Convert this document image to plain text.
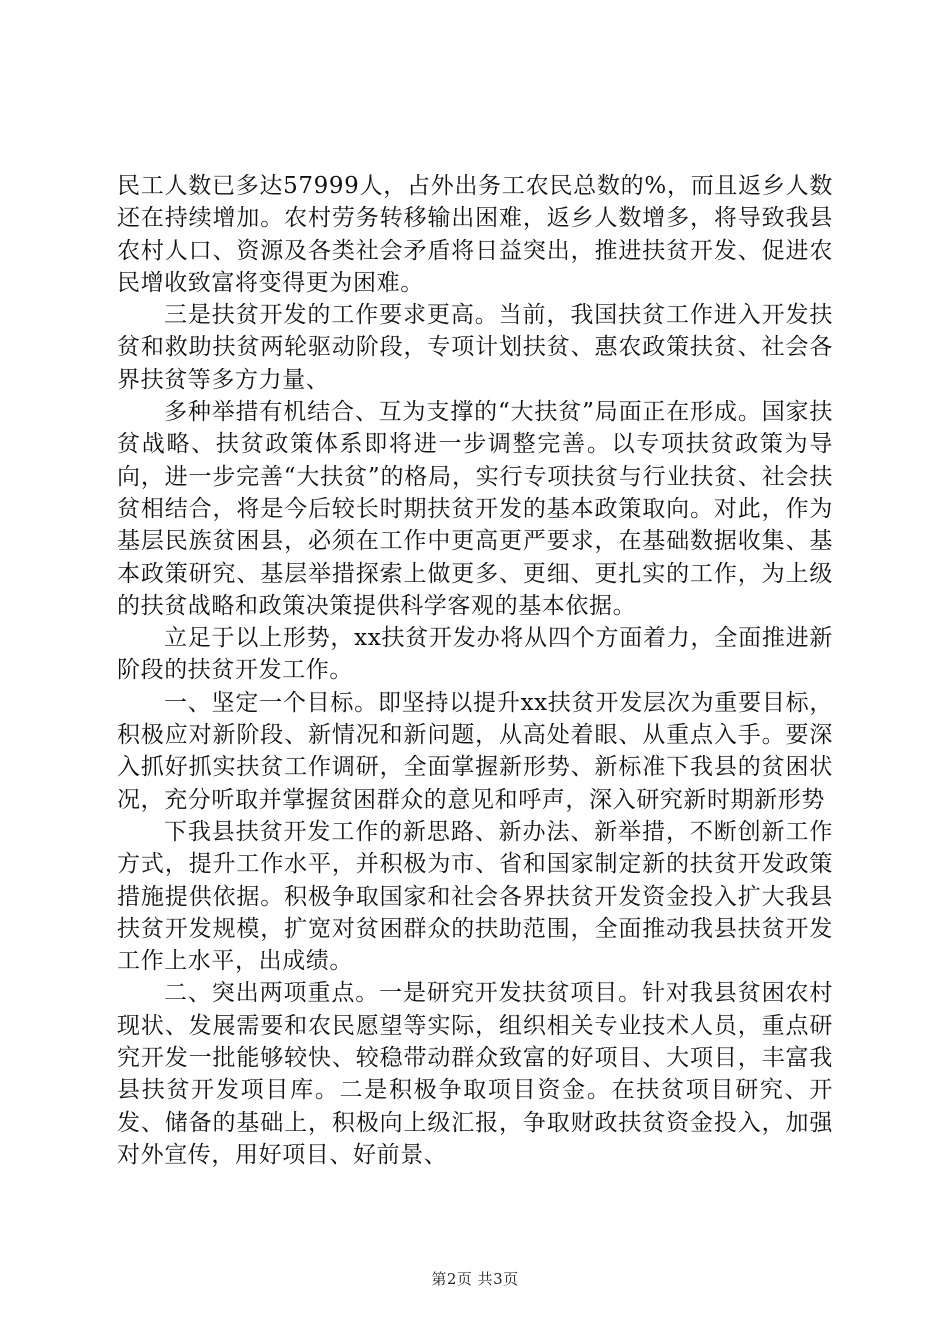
民工人数已多达57999人，占外出务工农民总数的%，而且返乡人数还在持续增加。农村劳务转移输出困难，返乡人数增多，将导致我县农村人口、资源及各类社会矛盾将日益突出，推进扶贫开发、促进农民增收致富将变得更为困难。

三是扶贫开发的工作要求更高。当前，我国扶贫工作进入开发扶贫和救助扶贫两轮驱动阶段，专项计划扶贫、惠农政策扶贫、社会各界扶贫等多方力量、

多种举措有机结合、互为支撑的“大扶贫”局面正在形成。国家扶贫战略、扶贫政策体系即将进一步调整完善。以专项扶贫政策为导向，进一步完善“大扶贫”的格局，实行专项扶贫与行业扶贫、社会扶贫相结合，将是今后较长时期扶贫开发的基本政策取向。对此，作为基层民族贫困县，必须在工作中更高更严要求，在基础数据收集、基本政策研究、基层举措探索上做更多、更细、更扎实的工作，为上级的扶贫战略和政策决策提供科学客观的基本依据。

立足于以上形势，xx扶贫开发办将从四个方面着力，全面推进新阶段的扶贫开发工作。

一、坚定一个目标。即坚持以提升xx扶贫开发层次为重要目标，积极应对新阶段、新情况和新问题，从高处着眼、从重点入手。要深入抓好抓实扶贫工作调研，全面掌握新形势、新标准下我县的贫困状况，充分听取并掌握贫困群众的意见和呼声，深入研究新时期新形势

下我县扶贫开发工作的新思路、新办法、新举措，不断创新工作方式，提升工作水平，并积极为市、省和国家制定新的扶贫开发政策措施提供依据。积极争取国家和社会各界扶贫开发资金投入扩大我县扶贫开发规模，扩宽对贫困群众的扶助范围，全面推动我县扶贫开发工作上水平，出成绩。

二、突出两项重点。一是研究开发扶贫项目。针对我县贫困农村现状、发展需要和农民愿望等实际，组织相关专业技术人员，重点研究开发一批能够较快、较稳带动群众致富的好项目、大项目，丰富我县扶贫开发项目库。二是积极争取项目资金。在扶贫项目研究、开发、储备的基础上，积极向上级汇报，争取财政扶贫资金投入，加强对外宣传，用好项目、好前景、

第2页 共3页
